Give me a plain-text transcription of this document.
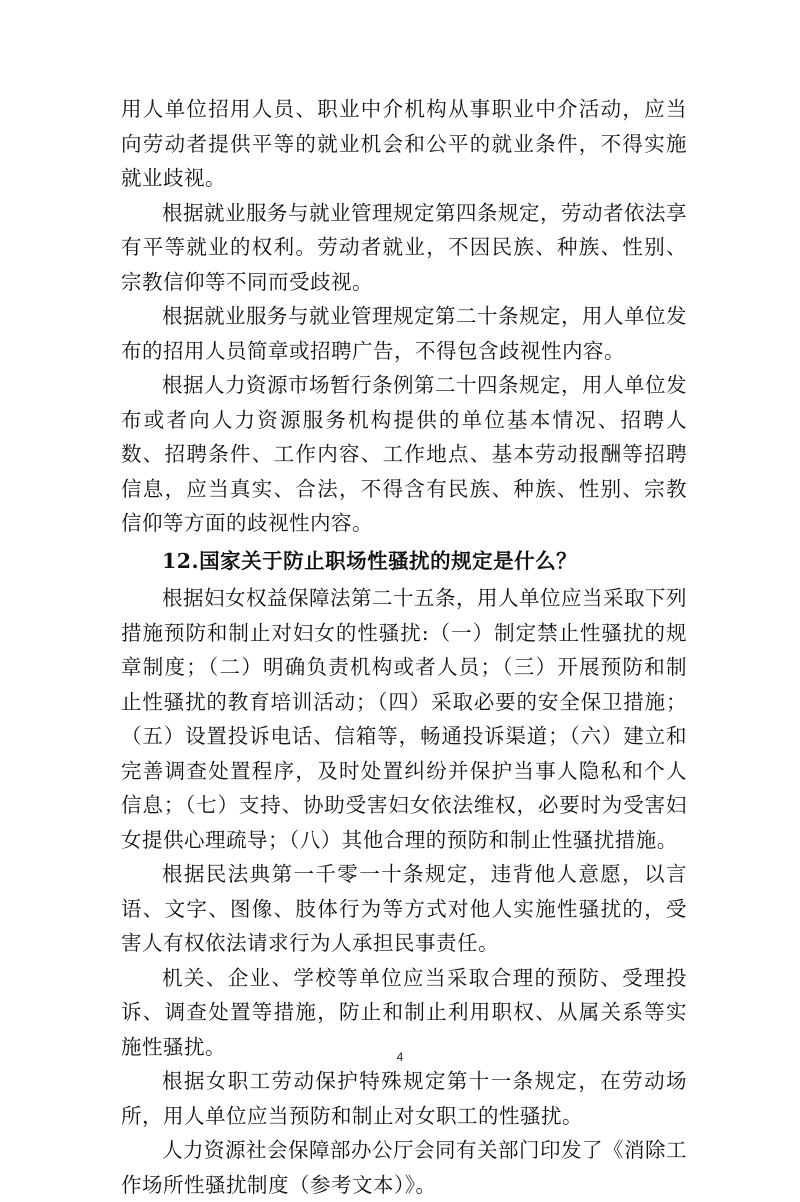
用人单位招用人员、职业中介机构从事职业中介活动，应当向劳动者提供平等的就业机会和公平的就业条件，不得实施就业歧视。

根据就业服务与就业管理规定第四条规定，劳动者依法享有平等就业的权利。劳动者就业，不因民族、种族、性别、宗教信仰等不同而受歧视。

根据就业服务与就业管理规定第二十条规定，用人单位发布的招用人员简章或招聘广告，不得包含歧视性内容。

根据人力资源市场暂行条例第二十四条规定，用人单位发布或者向人力资源服务机构提供的单位基本情况、招聘人数、招聘条件、工作内容、工作地点、基本劳动报酬等招聘信息，应当真实、合法，不得含有民族、种族、性别、宗教信仰等方面的歧视性内容。

12.国家关于防止职场性骚扰的规定是什么？

根据妇女权益保障法第二十五条，用人单位应当采取下列措施预防和制止对妇女的性骚扰:（一）制定禁止性骚扰的规章制度；（二）明确负责机构或者人员；（三）开展预防和制止性骚扰的教育培训活动；（四）采取必要的安全保卫措施；（五）设置投诉电话、信箱等，畅通投诉渠道；（六）建立和完善调查处置程序，及时处置纠纷并保护当事人隐私和个人信息；（七）支持、协助受害妇女依法维权，必要时为受害妇女提供心理疏导；（八）其他合理的预防和制止性骚扰措施。

根据民法典第一千零一十条规定，违背他人意愿，以言语、文字、图像、肢体行为等方式对他人实施性骚扰的，受害人有权依法请求行为人承担民事责任。

机关、企业、学校等单位应当采取合理的预防、受理投诉、调查处置等措施，防止和制止利用职权、从属关系等实施性骚扰。

根据女职工劳动保护特殊规定第十一条规定，在劳动场所，用人单位应当预防和制止对女职工的性骚扰。

人力资源社会保障部办公厅会同有关部门印发了《消除工作场所性骚扰制度（参考文本）》。

4
